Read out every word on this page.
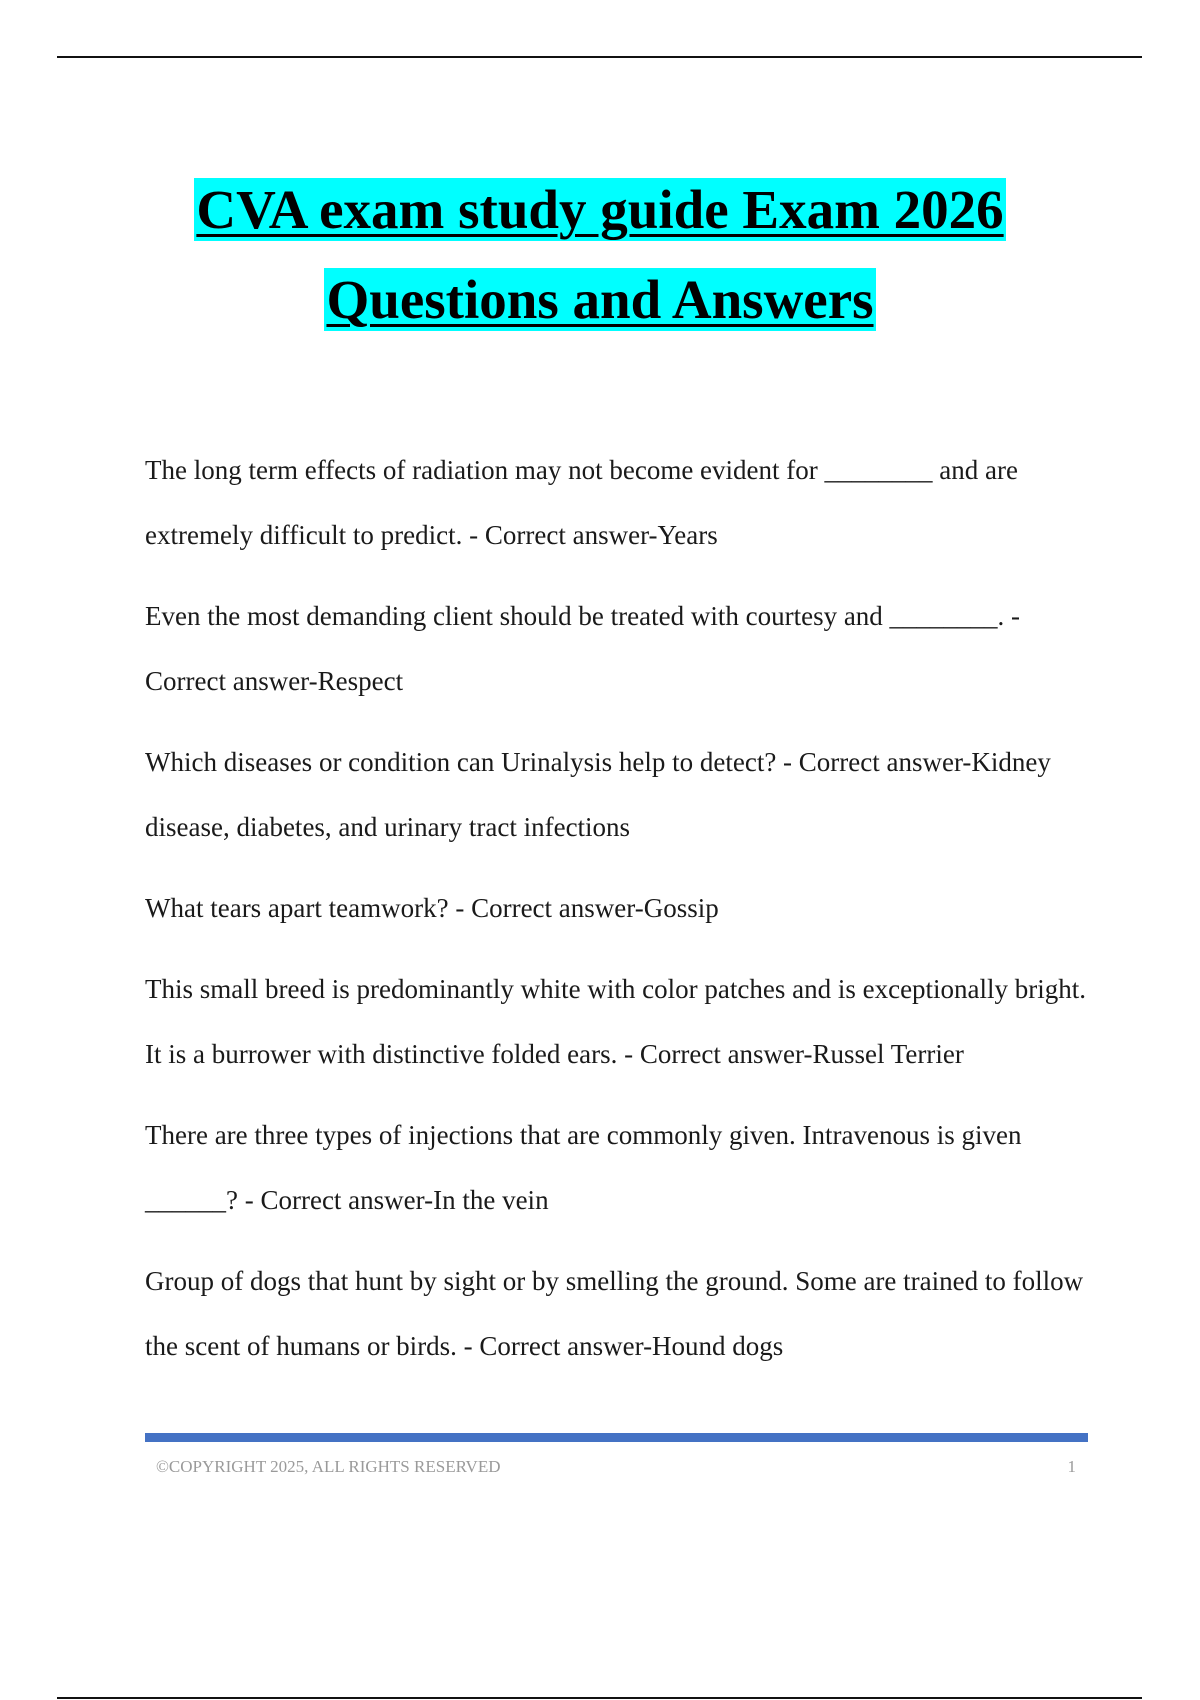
CVA exam study guide Exam 2026
Questions and Answers

The long term effects of radiation may not become evident for ________ and are extremely difficult to predict. - Correct answer-Years

Even the most demanding client should be treated with courtesy and ________. - Correct answer-Respect

Which diseases or condition can Urinalysis help to detect? - Correct answer-Kidney disease, diabetes, and urinary tract infections

What tears apart teamwork? - Correct answer-Gossip

This small breed is predominantly white with color patches and is exceptionally bright. It is a burrower with distinctive folded ears. - Correct answer-Russel Terrier

There are three types of injections that are commonly given. Intravenous is given ______? - Correct answer-In the vein

Group of dogs that hunt by sight or by smelling the ground. Some are trained to follow the scent of humans or birds. - Correct answer-Hound dogs

©COPYRIGHT 2025, ALL RIGHTS RESERVED	1
